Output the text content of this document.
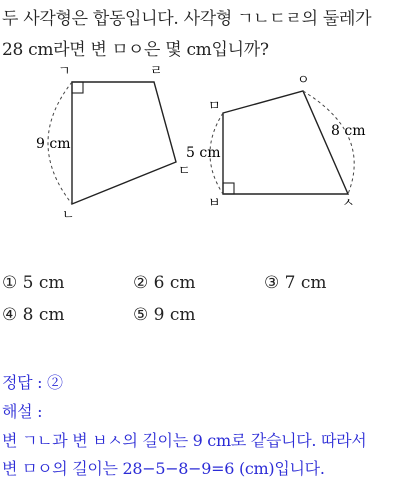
두 사각형은 합동입니다. 사각형 ㄱㄴㄷㄹ의 둘레가
28 cm라면 변 ㅁㅇ은 몇 cm입니까?
ㄱ
ㄴ
ㄷ
ㄹ
9 cm
ㅁ
ㅂ	ㅅ
ㅇ
5 cm
8 cm
① 5 cm	② 6 cm	③ 7 cm
④ 8 cm	⑤ 9 cm
정답 : ②
해설 :
변 ㄱㄴ과 변 ㅂㅅ의 길이는 9 cm로 같습니다. 따라서
변 ㅁㅇ의 길이는 28−5−8−9=6 (cm)입니다.
